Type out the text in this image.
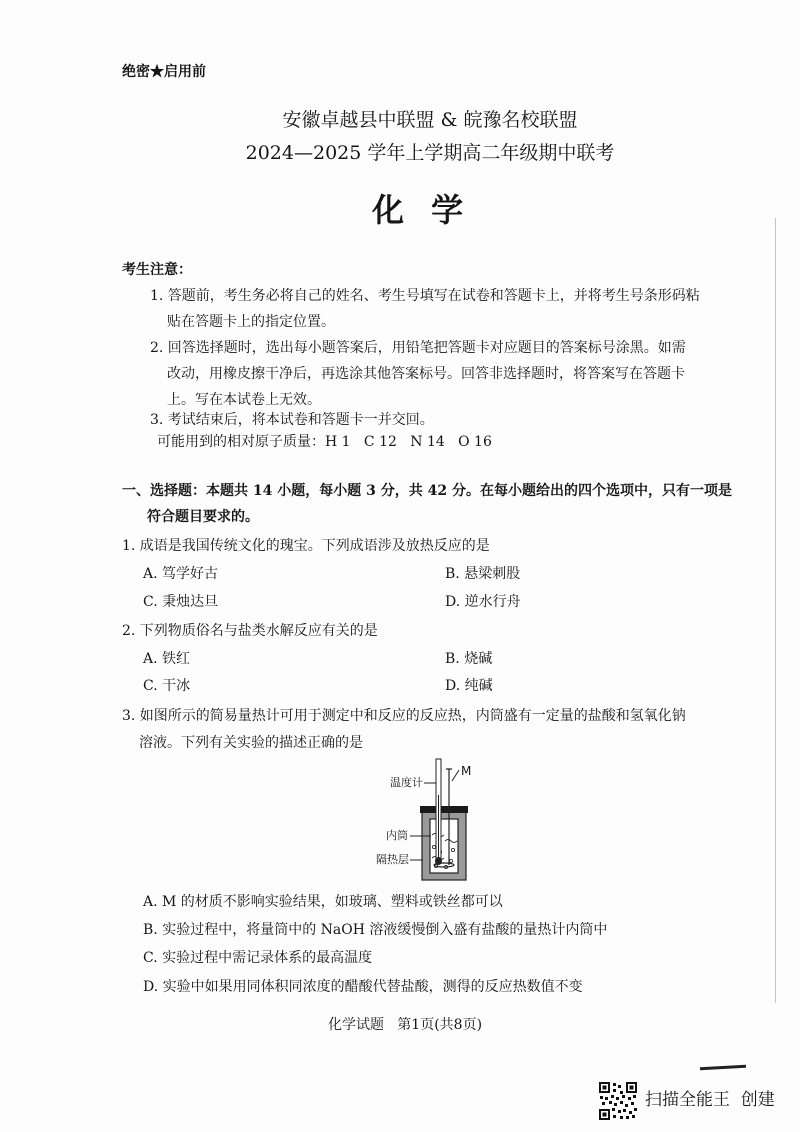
绝密★启用前
安徽卓越县中联盟 & 皖豫名校联盟
2024—2025 学年上学期高二年级期中联考
化 学
考生注意：
1. 答题前，考生务必将自己的姓名、考生号填写在试卷和答题卡上，并将考生号条形码粘
贴在答题卡上的指定位置。
2. 回答选择题时，选出每小题答案后，用铅笔把答题卡对应题目的答案标号涂黑。如需
改动，用橡皮擦干净后，再选涂其他答案标号。回答非选择题时，将答案写在答题卡
上。写在本试卷上无效。
3. 考试结束后，将本试卷和答题卡一并交回。
可能用到的相对原子质量：H 1   C 12   N 14   O 16
一、选择题：本题共 14 小题，每小题 3 分，共 42 分。在每小题给出的四个选项中，只有一项是
符合题目要求的。
1. 成语是我国传统文化的瑰宝。下列成语涉及放热反应的是
A. 笃学好古	B. 悬梁刺股
C. 秉烛达旦	D. 逆水行舟
2. 下列物质俗名与盐类水解反应有关的是
A. 铁红	B. 烧碱
C. 干冰	D. 纯碱
3. 如图所示的简易量热计可用于测定中和反应的反应热，内筒盛有一定量的盐酸和氢氧化钠
溶液。下列有关实验的描述正确的是
温度计
M
内筒
隔热层
A. M 的材质不影响实验结果，如玻璃、塑料或铁丝都可以
B. 实验过程中，将量筒中的 NaOH 溶液缓慢倒入盛有盐酸的量热计内筒中
C. 实验过程中需记录体系的最高温度
D. 实验中如果用同体积同浓度的醋酸代替盐酸，测得的反应热数值不变
化学试题   第1页(共8页)
扫描全能王  创建
